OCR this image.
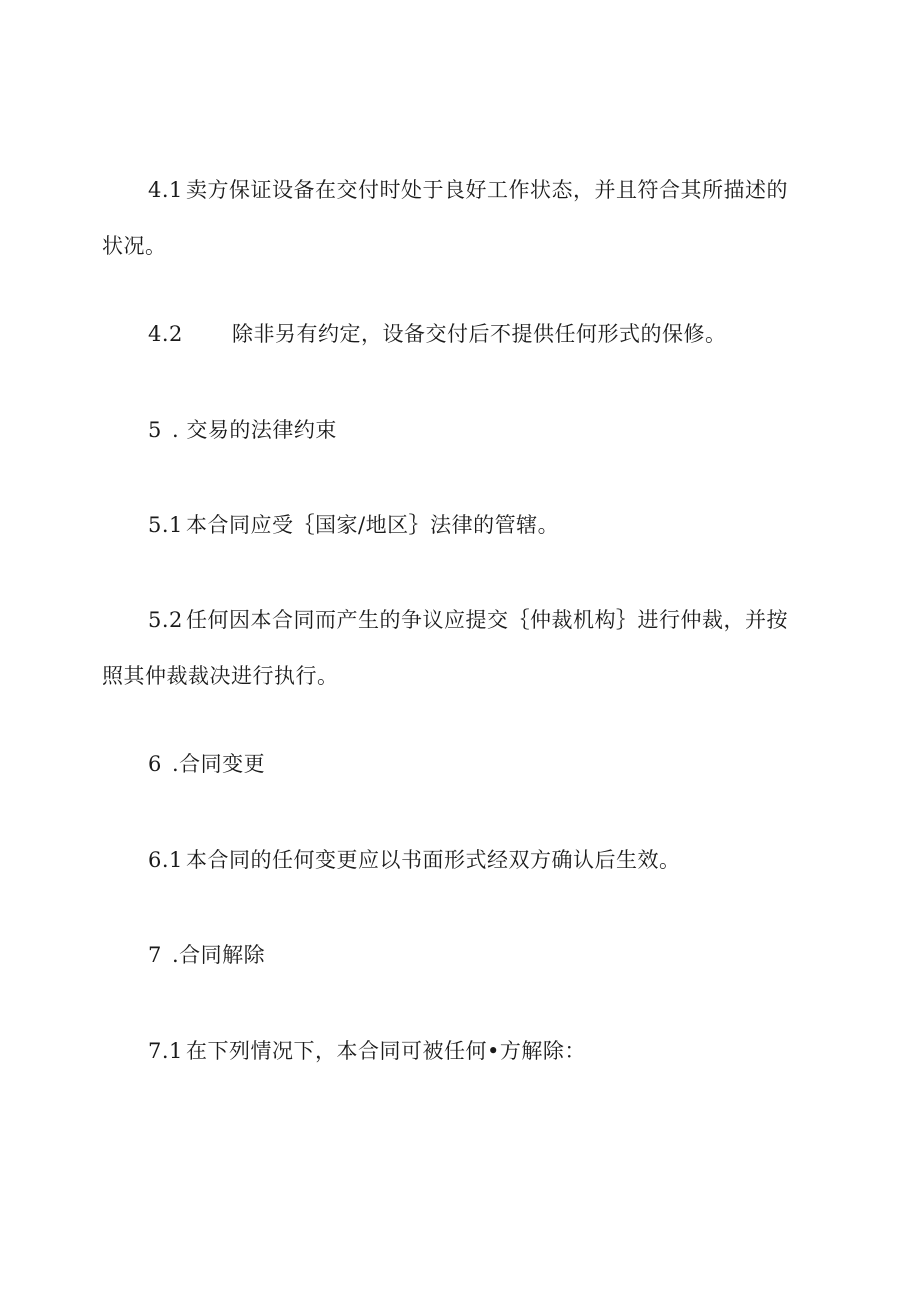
4.1 卖方保证设备在交付时处于良好工作状态，并且符合其所描述的状况。
4.2 除非另有约定，设备交付后不提供任何形式的保修。
5 . 交易的法律约束
5.1 本合同应受｛国家/地区｝法律的管辖。
5.2 任何因本合同而产生的争议应提交｛仲裁机构｝进行仲裁，并按照其仲裁裁决进行执行。
6 .合同变更
6.1 本合同的任何变更应以书面形式经双方确认后生效。
7 .合同解除
7.1 在下列情况下，本合同可被任何•方解除：
